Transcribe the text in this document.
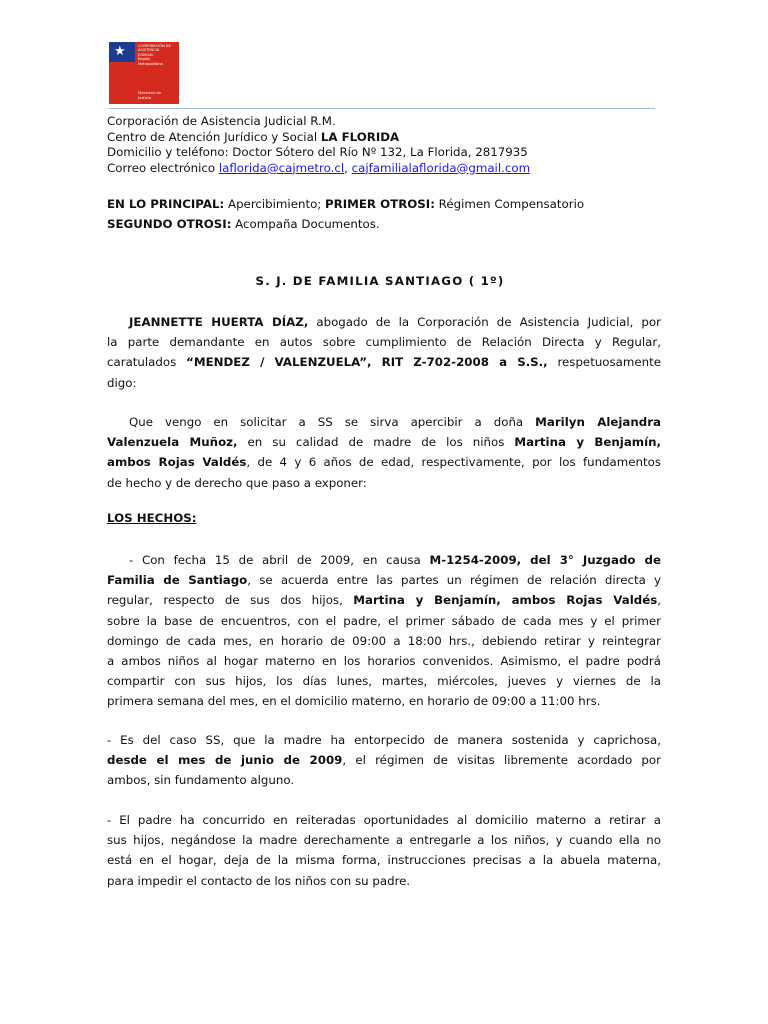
★	CORPORACIÓN DE
ASISTENCIA
JUDICIAL
Región Metropolitana
Ministerio de
Justicia
Corporación de Asistencia Judicial R.M.
Centro de Atención Jurídico y Social LA FLORIDA
Domicilio y teléfono: Doctor Sótero del Río Nº 132, La Florida, 2817935
Correo electrónico laflorida@cajmetro.cl, cajfamilialaflorida@gmail.com
EN LO PRINCIPAL: Apercibimiento; PRIMER OTROSI: Régimen Compensatorio
SEGUNDO OTROSI: Acompaña Documentos.
S. J. DE FAMILIA SANTIAGO ( 1º)
JEANNETTE HUERTA DÍAZ, abogado de la Corporación de Asistencia Judicial, por
la parte demandante en autos sobre cumplimiento de Relación Directa y Regular,
caratulados “MENDEZ / VALENZUELA”, RIT Z-702-2008 a S.S., respetuosamente
digo:
Que vengo en solicitar a SS se sirva apercibir a doña Marilyn Alejandra
Valenzuela Muñoz, en su calidad de madre de los niños Martina y Benjamín,
ambos Rojas Valdés, de 4 y 6 años de edad, respectivamente, por los fundamentos
de hecho y de derecho que paso a exponer:
LOS HECHOS:
- Con fecha 15 de abril de 2009, en causa M-1254-2009, del 3° Juzgado de
Familia de Santiago, se acuerda entre las partes un régimen de relación directa y
regular, respecto de sus dos hijos, Martina y Benjamín, ambos Rojas Valdés,
sobre la base de encuentros, con el padre, el primer sábado de cada mes y el primer
domingo de cada mes, en horario de 09:00 a 18:00 hrs., debiendo retirar y reintegrar
a ambos niños al hogar materno en los horarios convenidos. Asimismo, el padre podrá
compartir con sus hijos, los días lunes, martes, miércoles, jueves y viernes de la
primera semana del mes, en el domicilio materno, en horario de 09:00 a 11:00 hrs.
- Es del caso SS, que la madre ha entorpecido de manera sostenida y caprichosa,
desde el mes de junio de 2009, el régimen de visitas libremente acordado por
ambos, sin fundamento alguno.
- El padre ha concurrido en reiteradas oportunidades al domicilio materno a retirar a
sus hijos, negándose la madre derechamente a entregarle a los niños, y cuando ella no
está en el hogar, deja de la misma forma, instrucciones precisas a la abuela materna,
para impedir el contacto de los niños con su padre.
